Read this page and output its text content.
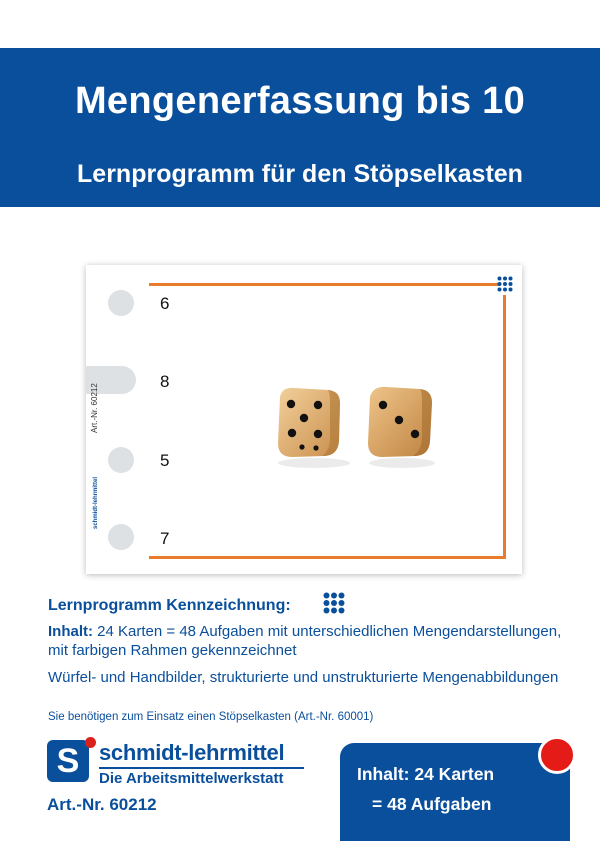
Mengenerfassung bis 10
Lernprogramm für den Stöpselkasten
6
8
5
7
Art.-Nr. 60212
schmidt-lehrmittel
Lernprogramm Kennzeichnung:
Inhalt: 24 Karten = 48 Aufgaben mit unterschiedlichen Mengendarstellungen, mit farbigen Rahmen gekennzeichnet
Würfel- und Handbilder, strukturierte und unstrukturierte Mengenabbildungen
Sie benötigen zum Einsatz einen Stöpselkasten (Art.-Nr. 60001)
S schmidt-lehrmittel
Die Arbeitsmittelwerkstatt
Art.-Nr. 60212
Inhalt: 24 Karten
= 48 Aufgaben
